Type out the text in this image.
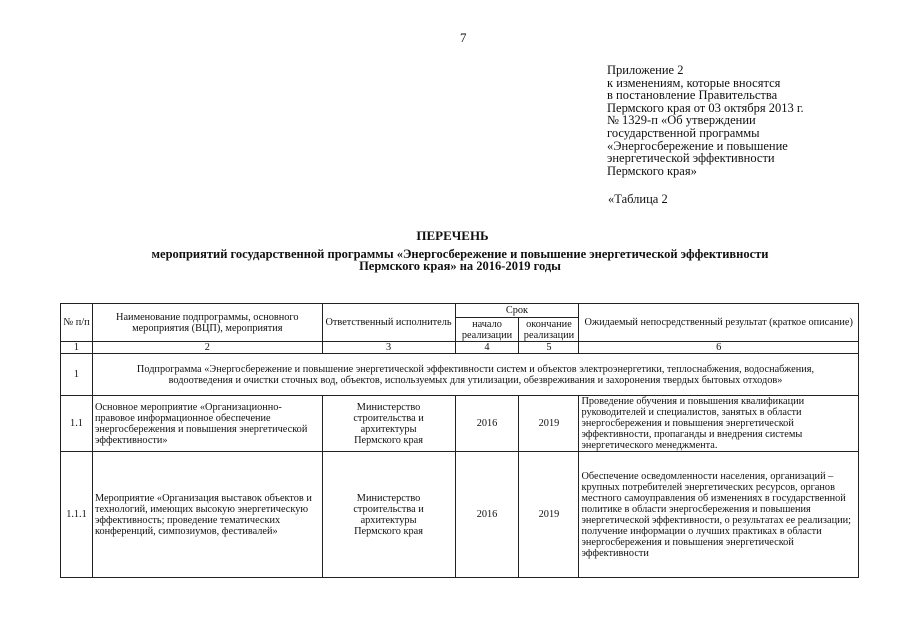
7
Приложение 2
к изменениям, которые вносятся
в постановление Правительства
Пермского края от 03 октября 2013 г.
№ 1329-п «Об утверждении
государственной программы
«Энергосбережение и повышение
энергетической эффективности
Пермского края»
«Таблица 2
ПЕРЕЧЕНЬ
мероприятий государственной программы «Энергосбережение и повышение энергетической эффективности Пермского края» на 2016-2019 годы
№ п/п	Наименование подпрограммы, основного мероприятия (ВЦП), мероприятия	Ответственный исполнитель	Срок		Ожидаемый непосредственный результат (краткое описание)
			начало реализации	окончание реализации	
1	2	3	4	5	6
1	Подпрограмма «Энергосбережение и повышение энергетической эффективности систем и объектов электроэнергетики, теплоснабжения, водоснабжения, водоотведения и очистки сточных вод, объектов, используемых для утилизации, обезвреживания и захоронения твердых бытовых отходов»				
1.1	Основное мероприятие «Организационно-правовое информационное обеспечение энергосбережения и повышения энергетической эффективности»	Министерство строительства и архитектуры Пермского края	2016	2019	Проведение обучения и повышения квалификации руководителей и специалистов, занятых в области энергосбережения и повышения энергетической эффективности, пропаганды и внедрения системы энергетического менеджмента.
1.1.1	Мероприятие «Организация выставок объектов и технологий, имеющих высокую энергетическую эффективность; проведение тематических конференций, симпозиумов, фестивалей»	Министерство строительства и архитектуры Пермского края	2016	2019	Обеспечение осведомленности населения, организаций – крупных потребителей энергетических ресурсов, органов местного самоуправления об изменениях в государственной политике в области энергосбережения и повышения энергетической эффективности, о результатах ее реализации; получение информации о лучших практиках в области энергосбережения и повышения энергетической эффективности
